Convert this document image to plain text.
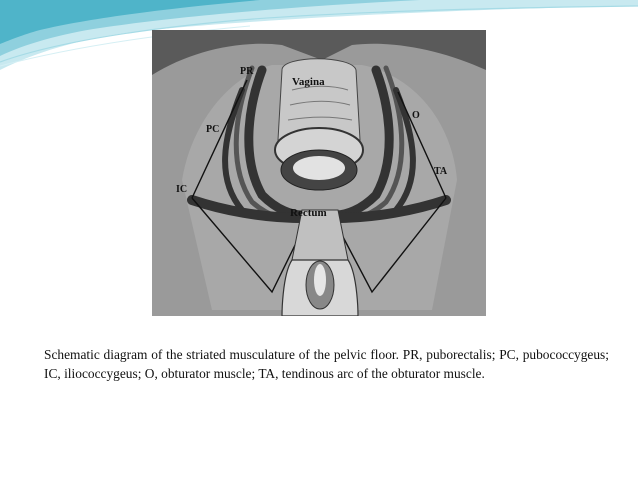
PR
PC
IC
O
TA
Vagina
Rectum
Schematic diagram of the striated musculature of the pelvic floor. PR, puborectalis; PC, pubococcygeus; IC, iliococcygeus; O, obturator muscle; TA, tendinous arc of the obturator muscle.
